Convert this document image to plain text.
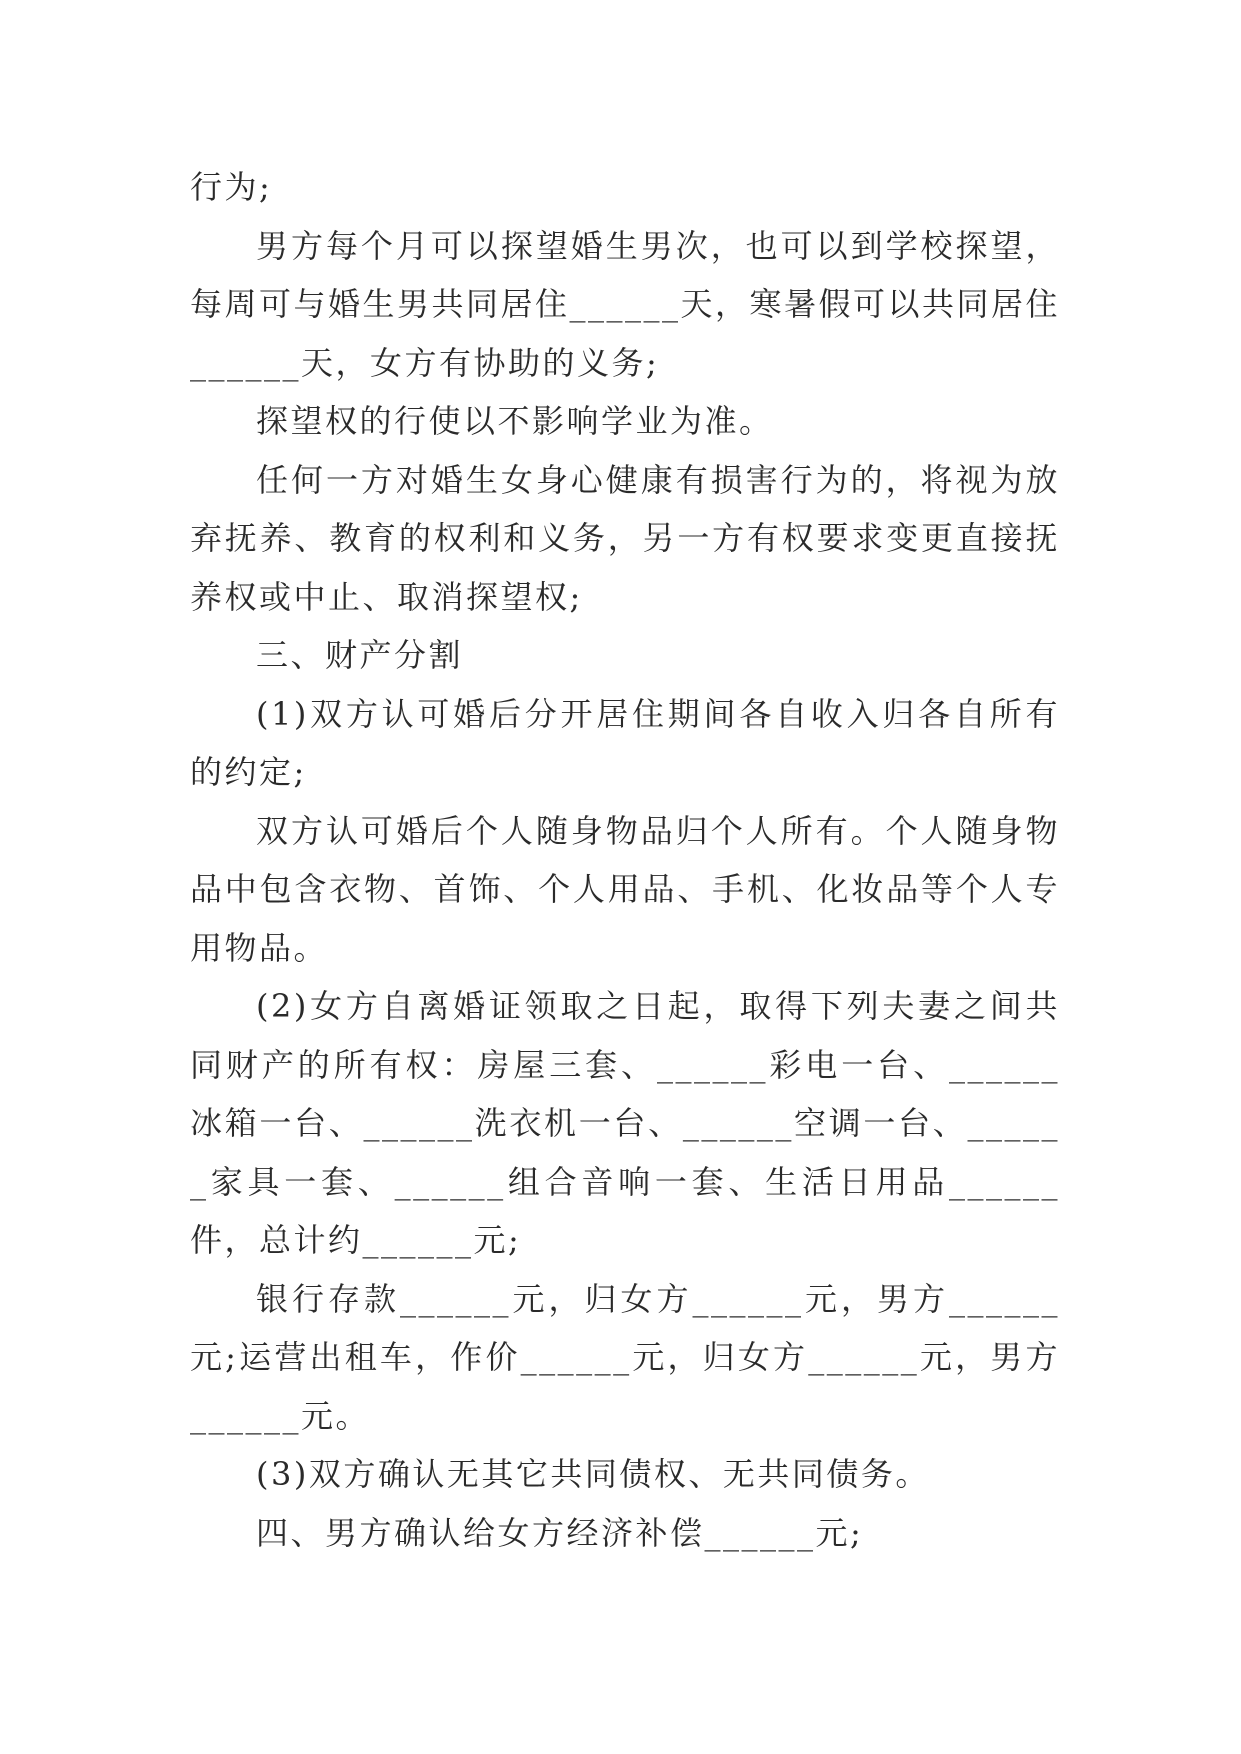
行为;

男方每个月可以探望婚生男次，也可以到学校探望，每周可与婚生男共同居住______天，寒暑假可以共同居住______天，女方有协助的义务;

探望权的行使以不影响学业为准。

任何一方对婚生女身心健康有损害行为的，将视为放弃抚养、教育的权利和义务，另一方有权要求变更直接抚养权或中止、取消探望权;

三、财产分割

(1)双方认可婚后分开居住期间各自收入归各自所有的约定;

双方认可婚后个人随身物品归个人所有。个人随身物品中包含衣物、首饰、个人用品、手机、化妆品等个人专用物品。

(2)女方自离婚证领取之日起，取得下列夫妻之间共同财产的所有权：房屋三套、______彩电一台、______冰箱一台、______洗衣机一台、______空调一台、______家具一套、______组合音响一套、生活日用品______件，总计约______元;

银行存款______元，归女方______元，男方______元;运营出租车，作价______元，归女方______元，男方______元。

(3)双方确认无其它共同债权、无共同债务。

四、男方确认给女方经济补偿______元;
